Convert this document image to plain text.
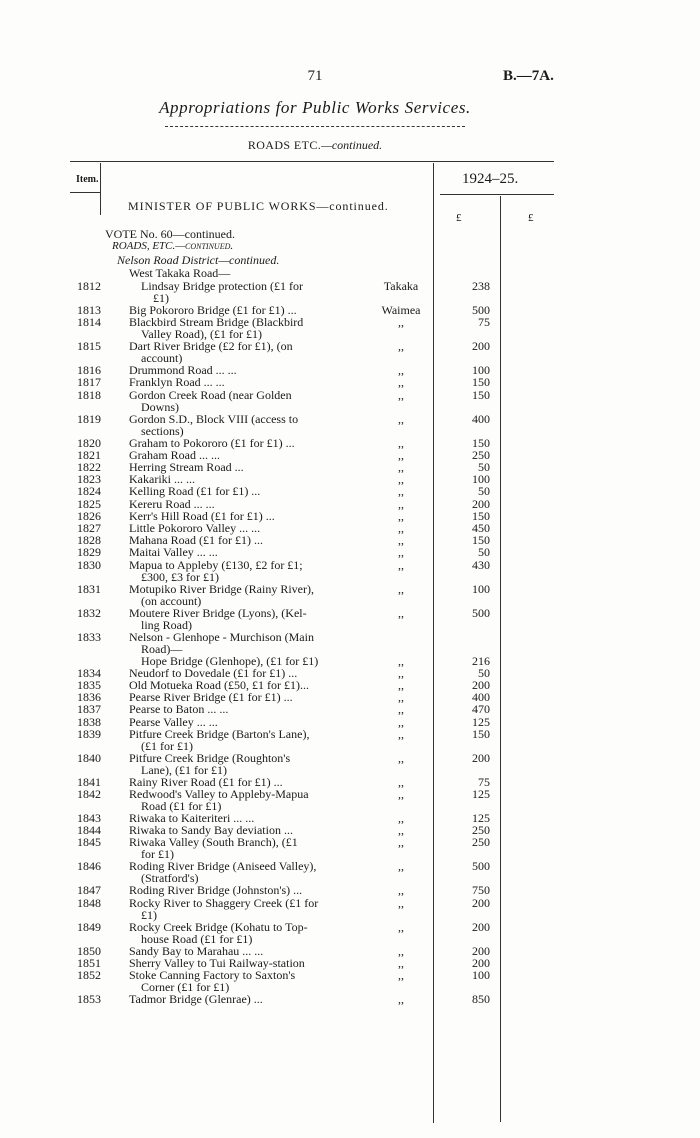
71	B.—7A.
Appropriations for Public Works Services.
ROADS ETC.—continued.
Item.	1924–25.
£	£
MINISTER OF PUBLIC WORKS—continued.
VOTE No. 60—continued.
ROADS, ETC.—continued.
Nelson Road District—continued.
West Takaka Road—
1812	Lindsay Bridge protection (£1 for
£1)
Takaka	238
1813 Big Pokororo Bridge (£1 for £1) ...	Waimea	500
1814 Blackbird Stream Bridge (Blackbird
Valley Road), (£1 for £1)
,,	75
1815 Dart River Bridge (£2 for £1), (on
account)
,,	200
1816 Drummond Road ... ...	,,	100
1817 Franklyn Road ... ...	,,	150
1818 Gordon Creek Road (near Golden
Downs)
,,	150
1819 Gordon S.D., Block VIII (access to
sections)
,,	400
1820 Graham to Pokororo (£1 for £1) ...	,,	150
1821 Graham Road ... ...	,,	250
1822 Herring Stream Road ...	,,	50
1823 Kakariki ... ...	,,	100
1824 Kelling Road (£1 for £1) ...	,,	50
1825 Kereru Road ... ...	,,	200
1826 Kerr's Hill Road (£1 for £1) ...	,,	150
1827 Little Pokororo Valley ... ...	,,	450
1828 Mahana Road (£1 for £1) ...	,,	150
1829 Maitai Valley ... ...	,,	50
1830 Mapua to Appleby (£130, £2 for £1;
£300, £3 for £1)
,,	430
1831 Motupiko River Bridge (Rainy River),
(on account)
,,	100
1832 Moutere River Bridge (Lyons), (Kel-
ling Road)
,,	500
1833 Nelson - Glenhope - Murchison (Main
Road)—
Hope Bridge (Glenhope), (£1 for £1)	,,	216
1834 Neudorf to Dovedale (£1 for £1) ...	,,	50
1835 Old Motueka Road (£50, £1 for £1)...	,,	200
1836 Pearse River Bridge (£1 for £1) ...	,,	400
1837 Pearse to Baton ... ...	,,	470
1838 Pearse Valley ... ...	,,	125
1839 Pitfure Creek Bridge (Barton's Lane),
(£1 for £1)
,,	150
1840 Pitfure Creek Bridge (Roughton's
Lane), (£1 for £1)
,,	200
1841 Rainy River Road (£1 for £1) ...	,,	75
1842 Redwood's Valley to Appleby-Mapua
Road (£1 for £1)
,,	125
1843 Riwaka to Kaiteriteri ... ...	,,	125
1844 Riwaka to Sandy Bay deviation ...	,,	250
1845 Riwaka Valley (South Branch), (£1
for £1)
,,	250
1846 Roding River Bridge (Aniseed Valley),
(Stratford's)
,,	500
1847 Roding River Bridge (Johnston's) ...	,,	750
1848 Rocky River to Shaggery Creek (£1 for
£1)
,,	200
1849 Rocky Creek Bridge (Kohatu to Top-
house Road (£1 for £1)
,,	200
1850 Sandy Bay to Marahau ... ...	,,	200
1851 Sherry Valley to Tui Railway-station	,,	200
1852 Stoke Canning Factory to Saxton's
Corner (£1 for £1)
,,	100
1853 Tadmor Bridge (Glenrae) ...	,,	850
